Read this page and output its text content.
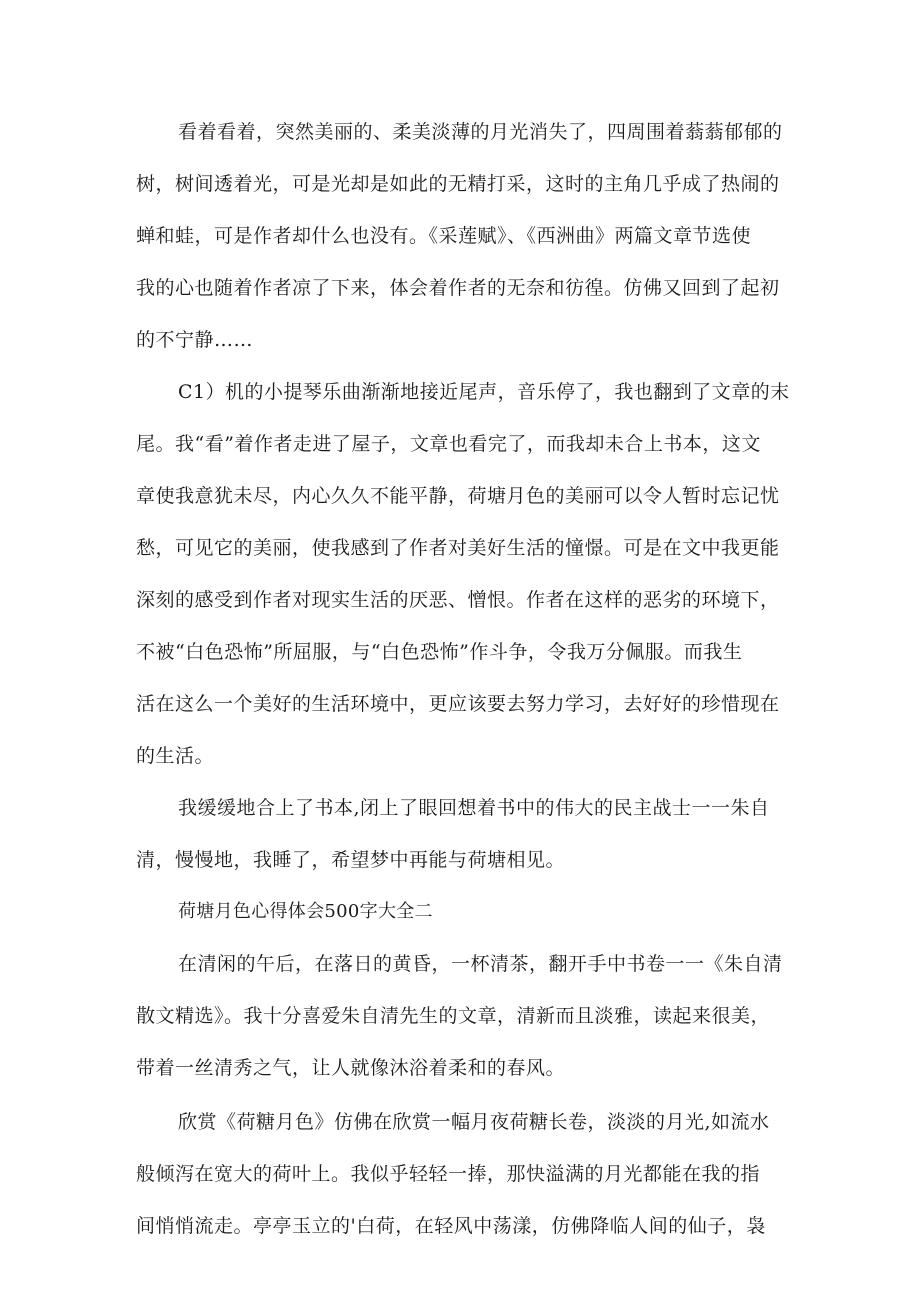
看着看着，突然美丽的、柔美淡薄的月光消失了，四周围着蓊蓊郁郁的
树，树间透着光，可是光却是如此的无精打采，这时的主角几乎成了热闹的
蝉和蛙，可是作者却什么也没有。《采莲赋》、《西洲曲》两篇文章节选使
我的心也随着作者凉了下来，体会着作者的无奈和彷徨。仿佛又回到了起初
的不宁静……
C1）机的小提琴乐曲渐渐地接近尾声，音乐停了，我也翻到了文章的末
尾。我“看”着作者走进了屋子，文章也看完了，而我却未合上书本，这文
章使我意犹未尽，内心久久不能平静，荷塘月色的美丽可以令人暂时忘记忧
愁，可见它的美丽，使我感到了作者对美好生活的憧憬。可是在文中我更能
深刻的感受到作者对现实生活的厌恶、憎恨。作者在这样的恶劣的环境下，
不被“白色恐怖”所屈服，与“白色恐怖”作斗争，令我万分佩服。而我生
活在这么一个美好的生活环境中，更应该要去努力学习，去好好的珍惜现在
的生活。
我缓缓地合上了书本,闭上了眼回想着书中的伟大的民主战士一一朱自
清，慢慢地，我睡了，希望梦中再能与荷塘相见。
荷塘月色心得体会500字大全二
在清闲的午后，在落日的黄昏，一杯清茶，翻开手中书卷一一《朱自清
散文精选》。我十分喜爱朱自清先生的文章，清新而且淡雅，读起来很美，
带着一丝清秀之气，让人就像沐浴着柔和的春风。
欣赏《荷糖月色》仿佛在欣赏一幅月夜荷糖长卷，淡淡的月光,如流水
般倾泻在宽大的荷叶上。我似乎轻轻一捧，那快溢满的月光都能在我的指
间悄悄流走。亭亭玉立的'白荷，在轻风中荡漾，仿佛降临人间的仙子，袅
